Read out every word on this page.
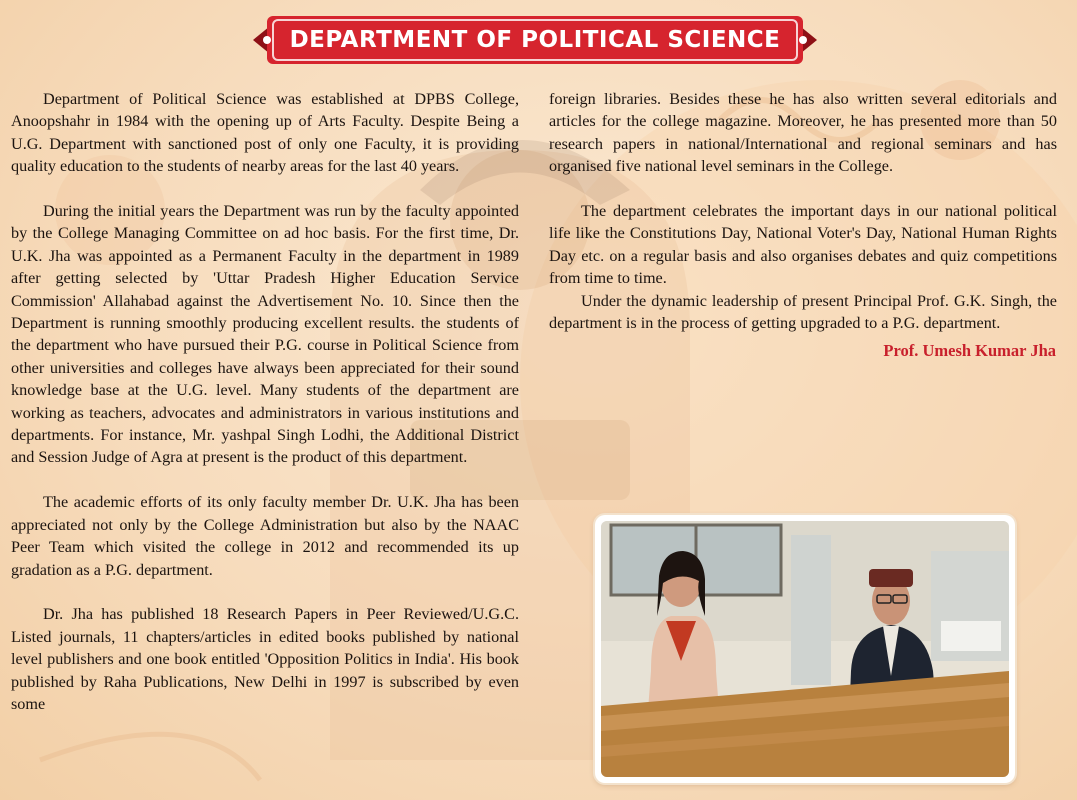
DEPARTMENT OF POLITICAL SCIENCE

Department of Political Science was established at DPBS College, Anoopshahr in 1984 with the opening up of Arts Faculty. Despite Being a U.G. Department with sanctioned post of only one Faculty, it is providing quality education to the students of nearby areas for the last 40 years.

During the initial years the Department was run by the faculty appointed by the College Managing Committee on ad hoc basis. For the first time, Dr. U.K. Jha was appointed as a Permanent Faculty in the department in 1989 after getting selected by 'Uttar Pradesh Higher Education Service Commission' Allahabad against the Advertisement No. 10. Since then the Department is running smoothly producing excellent results. the students of the department who have pursued their P.G. course in Political Science from other universities and colleges have always been appreciated for their sound knowledge base at the U.G. level. Many students of the department are working as teachers, advocates and administrators in various institutions and departments. For instance, Mr. yashpal Singh Lodhi, the Additional District and Session Judge of Agra at present is the product of this department.

The academic efforts of its only faculty member Dr. U.K. Jha has been appreciated not only by the College Administration but also by the NAAC Peer Team which visited the college in 2012 and recommended its up gradation as a P.G. department.

Dr. Jha has published 18 Research Papers in Peer Reviewed/U.G.C. Listed journals, 11 chapters/articles in edited books published by national level publishers and one book entitled 'Opposition Politics in India'. His book published by Raha Publications, New Delhi in 1997 is subscribed by even some

foreign libraries. Besides these he has also written several editorials and articles for the college magazine. Moreover, he has presented more than 50 research papers in national/International and regional seminars and has organised five national level seminars in the College.

The department celebrates the important days in our national political life like the Constitutions Day, National Voter's Day, National Human Rights Day etc. on a regular basis and also organises debates and quiz competitions from time to time.

Under the dynamic leadership of present Principal Prof. G.K. Singh, the department is in the process of getting upgraded to a P.G. department.

Prof. Umesh Kumar Jha
